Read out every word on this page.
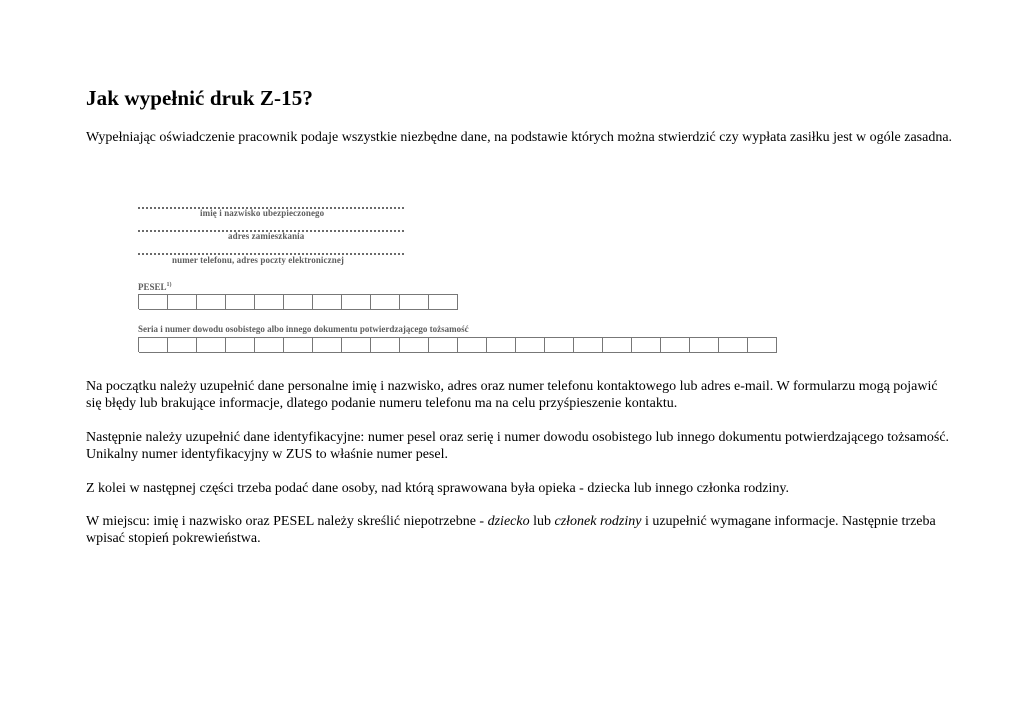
Jak wypełnić druk Z-15?

Wypełniając oświadczenie pracownik podaje wszystkie niezbędne dane, na podstawie których można stwierdzić czy wypłata zasiłku jest w ogóle zasadna.

imię i nazwisko ubezpieczonego
adres zamieszkania
numer telefonu, adres poczty elektronicznej
PESEL$^{1)}$
Seria i numer dowodu osobistego albo innego dokumentu potwierdzającego tożsamość

Na początku należy uzupełnić dane personalne imię i nazwisko, adres oraz numer telefonu kontaktowego lub adres e-mail. W formularzu mogą pojawić się błędy lub brakujące informacje, dlatego podanie numeru telefonu ma na celu przyśpieszenie kontaktu.

Następnie należy uzupełnić dane identyfikacyjne: numer pesel oraz serię i numer dowodu osobistego lub innego dokumentu potwierdzającego tożsamość. Unikalny numer identyfikacyjny w ZUS to właśnie numer pesel.

Z kolei w następnej części trzeba podać dane osoby, nad którą sprawowana była opieka - dziecka lub innego członka rodziny.

W miejscu: imię i nazwisko oraz PESEL należy skreślić niepotrzebne - dziecko lub członek rodziny i uzupełnić wymagane informacje. Następnie trzeba wpisać stopień pokrewieństwa.
